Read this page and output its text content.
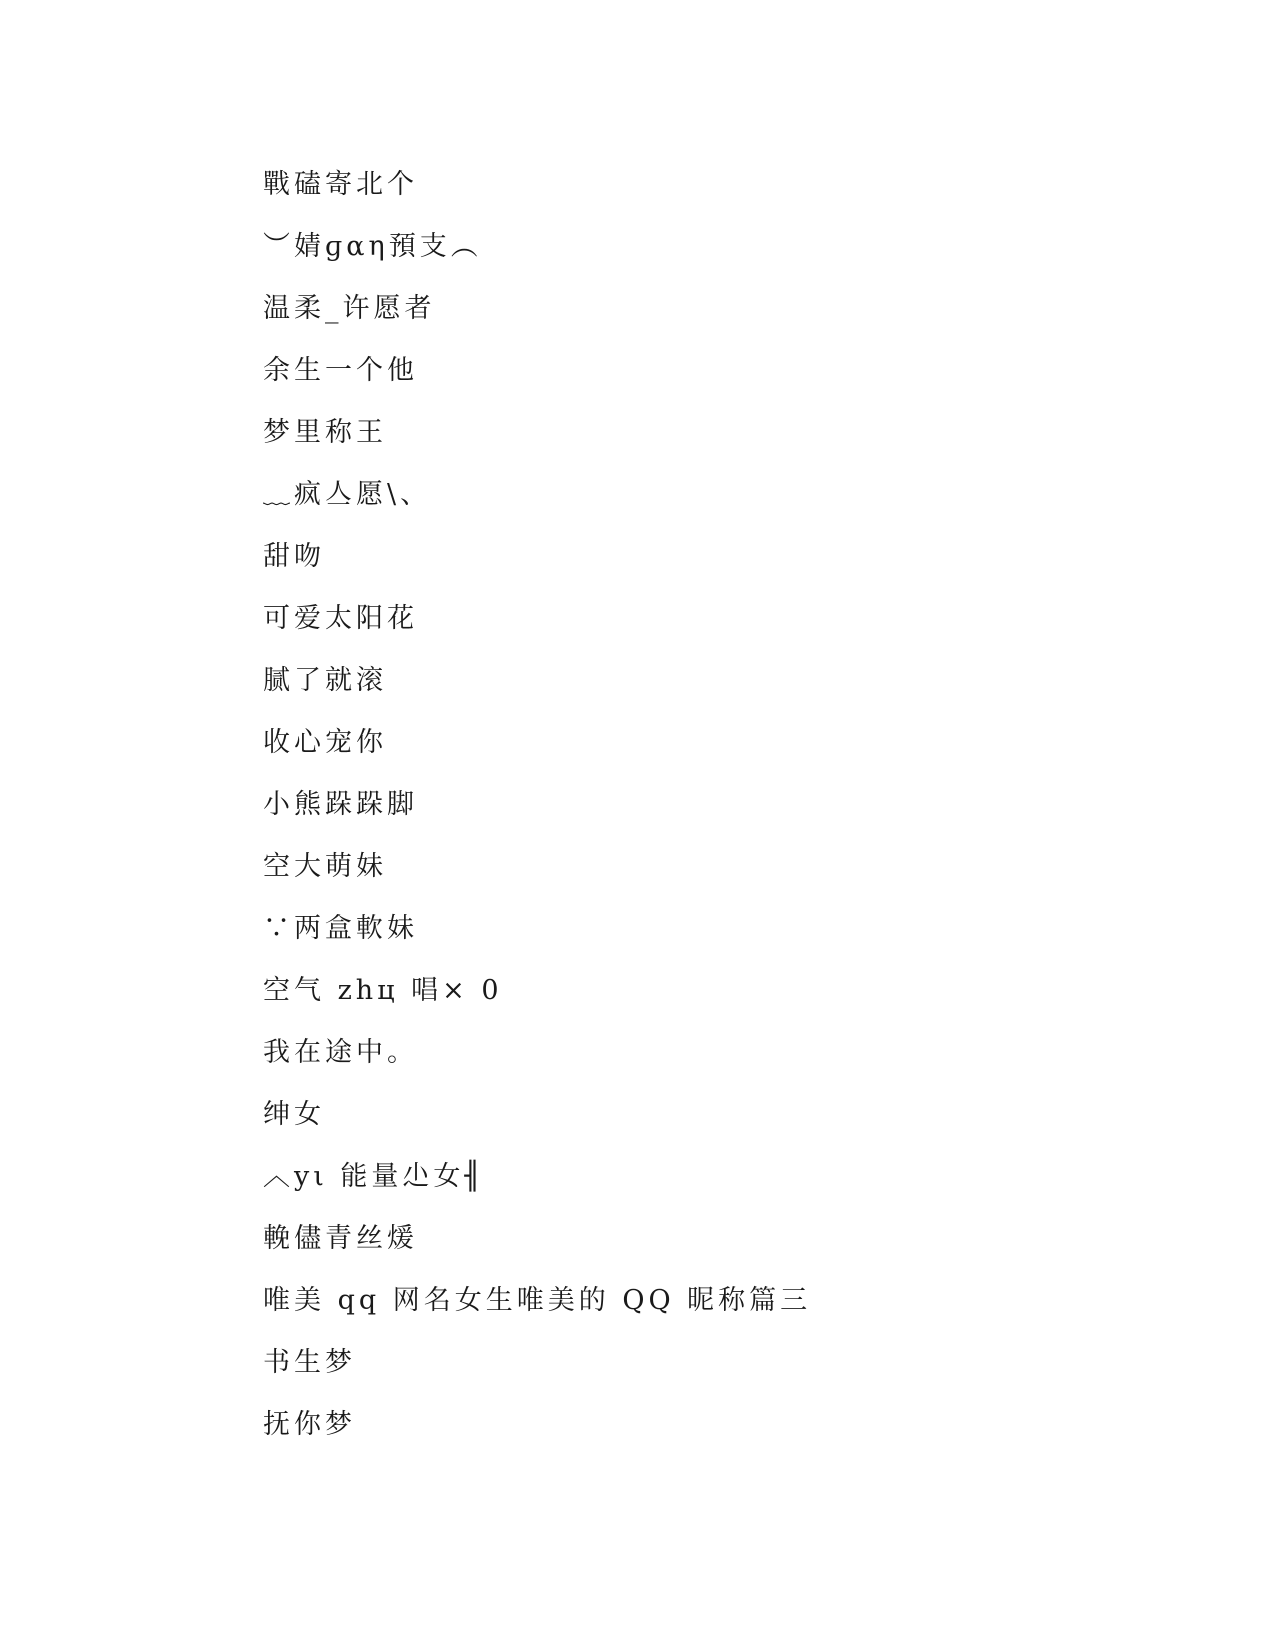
戰磕寄北个
︶婧ɡαη預支︵
温柔_许愿者
余生一个他
梦里称王
﹏疯亼愿\、
甜吻
可爱太阳花
腻了就滚
收心宠你
小熊跺跺脚
空大萌妹
∵两盒軟妹
空气 zhц 唱× 0
我在途中。
绅女
︿yι 能量尐女╢
輓儘青丝煖
唯美 qq 网名女生唯美的 QQ 昵称篇三
书生梦
抚你梦
